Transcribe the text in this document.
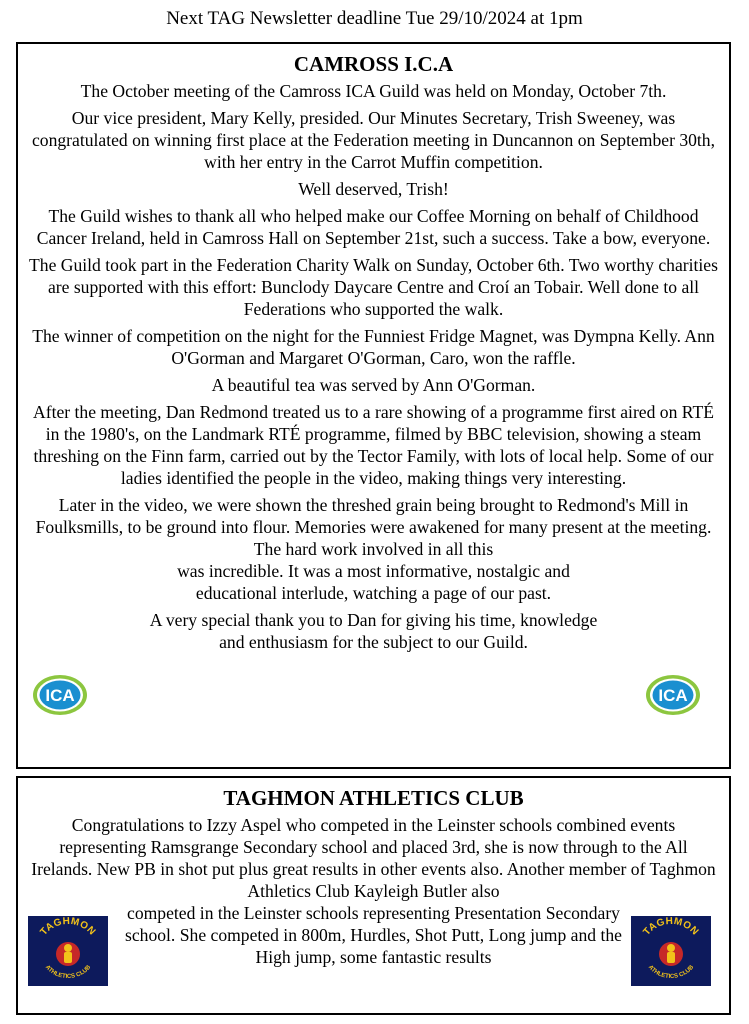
Next TAG Newsletter deadline Tue 29/10/2024 at 1pm
CAMROSS I.C.A

The October meeting of the Camross ICA Guild was held on Monday, October 7th.

Our vice president, Mary Kelly, presided. Our Minutes Secretary, Trish Sweeney, was congratulated on winning first place at the Federation meeting in Duncannon on September 30th, with her entry in the Carrot Muffin competition.

Well deserved, Trish!

The Guild wishes to thank all who helped make our Coffee Morning on behalf of Childhood Cancer Ireland, held in Camross Hall on September 21st, such a success. Take a bow, everyone.

The Guild took part in the Federation Charity Walk on Sunday, October 6th. Two worthy charities are supported with this effort: Bunclody Daycare Centre and Croí an Tobair. Well done to all Federations who supported the walk.

The winner of competition on the night for the Funniest Fridge Magnet, was Dympna Kelly. Ann O'Gorman and Margaret O'Gorman, Caro, won the raffle.

A beautiful tea was served by Ann O'Gorman.

After the meeting, Dan Redmond treated us to a rare showing of a programme first aired on RTÉ in the 1980's, on the Landmark RTÉ programme, filmed by BBC television, showing a steam threshing on the Finn farm, carried out by the Tector Family, with lots of local help. Some of our ladies identified the people in the video, making things very interesting.

Later in the video, we were shown the threshed grain being brought to Redmond's Mill in Foulksmills, to be ground into flour. Memories were awakened for many present at the meeting. The hard work involved in all this

was incredible. It was a most informative, nostalgic and educational interlude, watching a page of our past.

A very special thank you to Dan for giving his time, knowledge and enthusiasm for the subject to our Guild.

ICA	ICA
TAGHMON ATHLETICS CLUB

Congratulations to Izzy Aspel who competed in the Leinster schools combined events representing Ramsgrange Secondary school and placed 3rd, she is now through to the All Irelands. New PB in shot put plus great results in other events also. Another member of Taghmon Athletics Club Kayleigh Butler also

competed in the Leinster schools representing Presentation Secondary school. She competed in 800m, Hurdles, Shot Putt, Long jump and the High jump, some fantastic results

TAGHMON
ATHLETICS CLUB
TAGHMON
ATHLETICS CLUB
